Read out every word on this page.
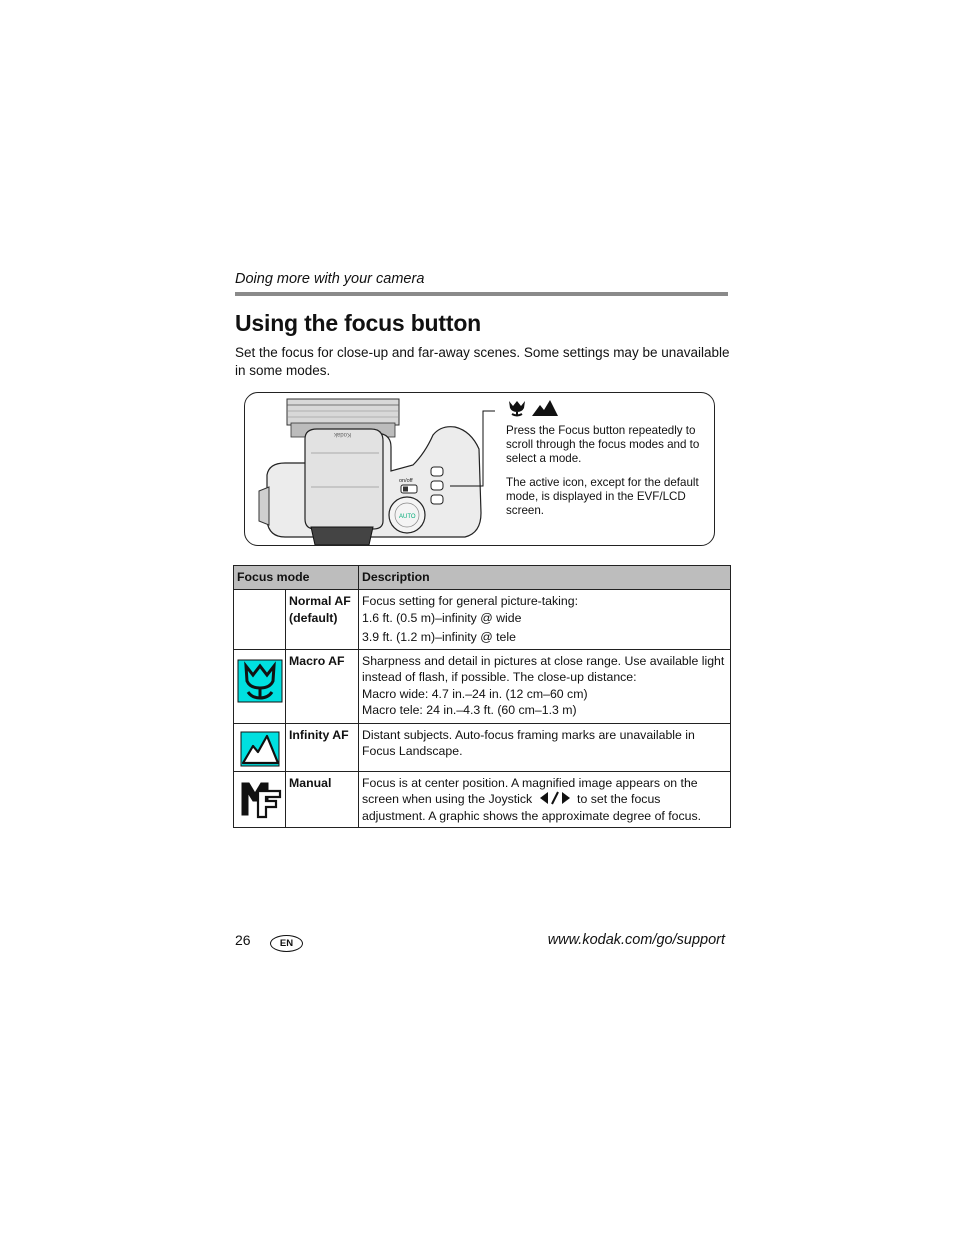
Doing more with your camera
Using the focus button

Set the focus for close-up and far-away scenes. Some settings may be unavailable in some modes.

Kodak
AUTO
on/off

Press the Focus button repeatedly to scroll through the focus modes and to select a mode.

The active icon, except for the default mode, is displayed in the EVF/LCD screen.

Focus mode		Description
	Normal AF (default)	Focus setting for general picture-taking:
1.6 ft. (0.5 m)–infinity @ wide
3.9 ft. (1.2 m)–infinity @ tele

	Macro AF	Sharpness and detail in pictures at close range. Use available light instead of flash, if possible. The close-up distance:
Macro wide: 4.7 in.–24 in. (12 cm–60 cm)
Macro tele: 24 in.–4.3 ft. (60 cm–1.3 m)

	Infinity AF	Distant subjects. Auto-focus framing marks are unavailable in Focus Landscape.

	Manual	Focus is at center position. A magnified image appears on the screen when using the Joystick to set the focus adjustment. A graphic shows the approximate degree of focus.
26	EN	www.kodak.com/go/support
